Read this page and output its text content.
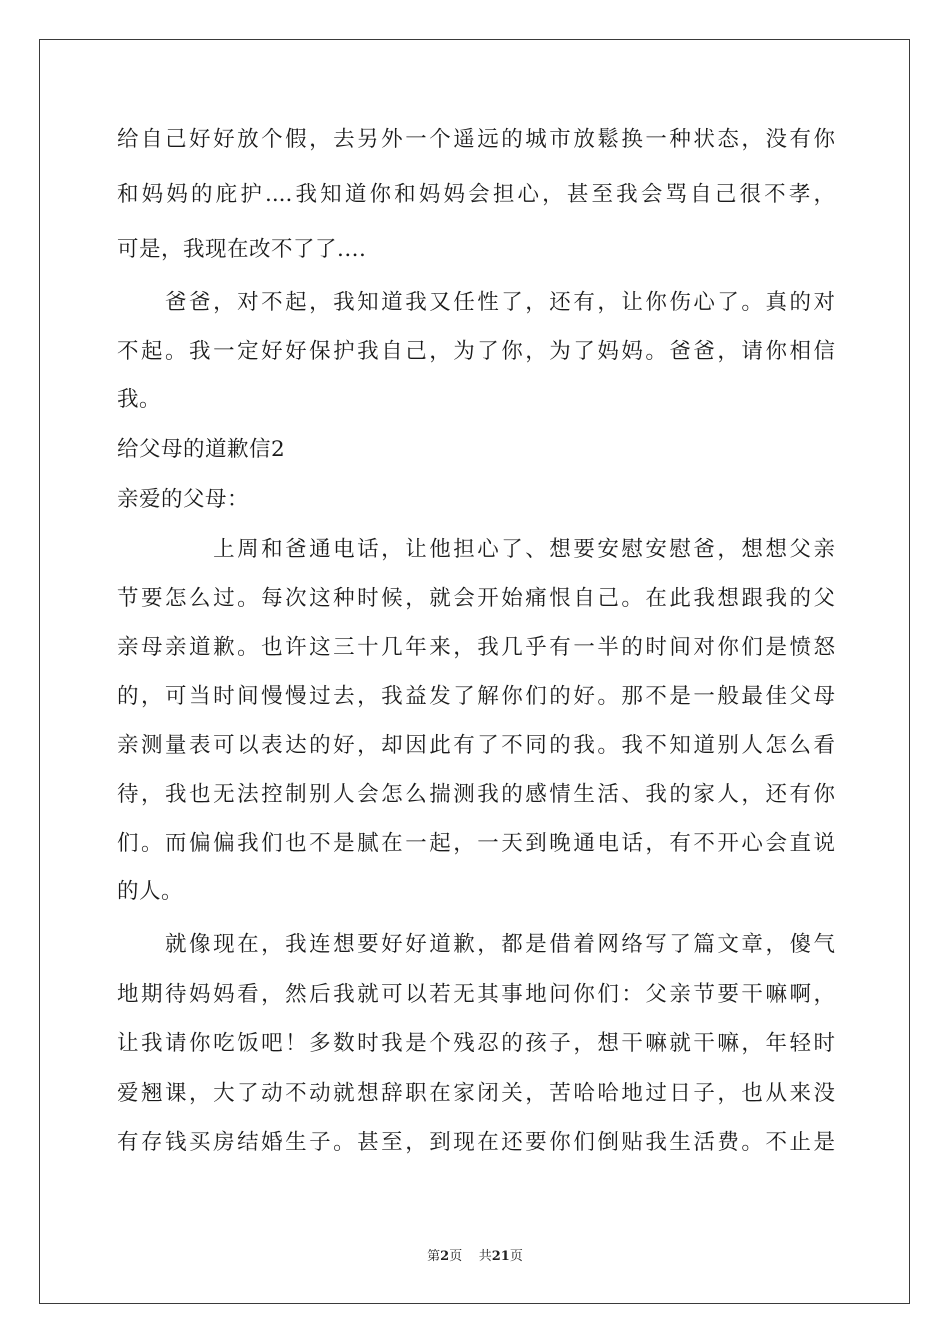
给自己好好放个假，去另外一个遥远的城市放鬆换一种状态，没有你
和妈妈的庇护....我知道你和妈妈会担心，甚至我会骂自己很不孝，
可是，我现在改不了了....
　　爸爸，对不起，我知道我又任性了，还有，让你伤心了。真的对
不起。我一定好好保护我自己，为了你，为了妈妈。爸爸，请你相信
我。
给父母的道歉信2
亲爱的父母：
　　　　上周和爸通电话，让他担心了、想要安慰安慰爸，想想父亲
节要怎么过。每次这种时候，就会开始痛恨自己。在此我想跟我的父
亲母亲道歉。也许这三十几年来，我几乎有一半的时间对你们是愤怒
的，可当时间慢慢过去，我益发了解你们的好。那不是一般最佳父母
亲测量表可以表达的好，却因此有了不同的我。我不知道别人怎么看
待，我也无法控制别人会怎么揣测我的感情生活、我的家人，还有你
们。而偏偏我们也不是腻在一起，一天到晚通电话，有不开心会直说
的人。
　　就像现在，我连想要好好道歉，都是借着网络写了篇文章，傻气
地期待妈妈看，然后我就可以若无其事地问你们：父亲节要干嘛啊，
让我请你吃饭吧！多数时我是个残忍的孩子，想干嘛就干嘛，年轻时
爱翘课，大了动不动就想辞职在家闭关，苦哈哈地过日子，也从来没
有存钱买房结婚生子。甚至，到现在还要你们倒贴我生活费。不止是
第2页 共21页
